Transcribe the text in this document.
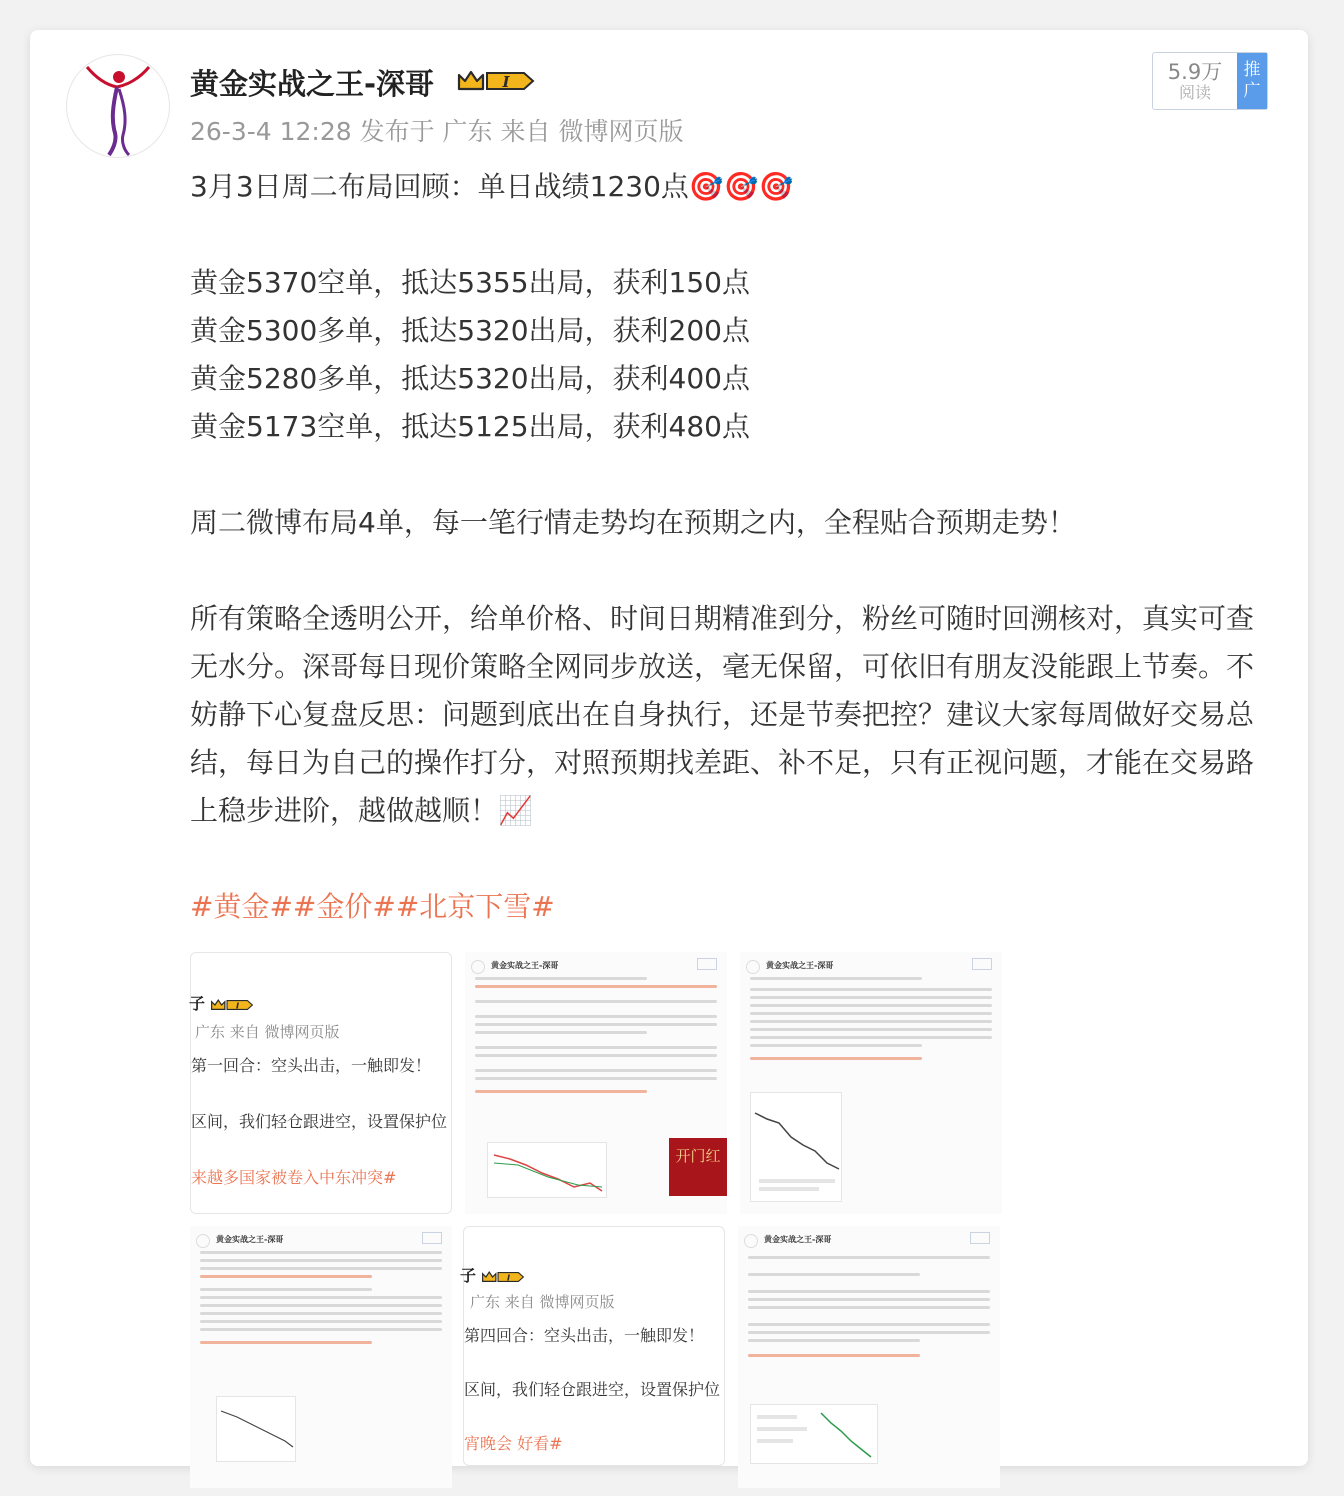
黄金实战之王-深哥	I
26-3-4 12:28 发布于 广东 来自 微博网页版
5.9万
阅读
推广
3月3日周二布局回顾：单日战绩1230点🎯🎯🎯
黄金5370空单，抵达5355出局，获利150点
黄金5300多单，抵达5320出局，获利200点
黄金5280多单，抵达5320出局，获利400点
黄金5173空单，抵达5125出局，获利480点
周二微博布局4单，每一笔行情走势均在预期之内，全程贴合预期走势！
所有策略全透明公开，给单价格、时间日期精准到分，粉丝可随时回溯核对，真实可查无水分。深哥每日现价策略全网同步放送，毫无保留，可依旧有朋友没能跟上节奏。不妨静下心复盘反思：问题到底出在自身执行，还是节奏把控？建议大家每周做好交易总结，每日为自己的操作打分，对照预期找差距、补不足，只有正视问题，才能在交易路上稳步进阶，越做越顺！📈
#黄金##金价##北京下雪#
子 I
广东 来自 微博网页版
第一回合：空头出击，一触即发！
区间，我们轻仓跟进空，设置保护位
来越多国家被卷入中东冲突#
黄金实战之王-深哥
开门红
黄金实战之王-深哥
黄金实战之王-深哥
子 I
广东 来自 微博网页版
第四回合：空头出击，一触即发！
区间，我们轻仓跟进空，设置保护位
宵晚会 好看#
黄金实战之王-深哥
